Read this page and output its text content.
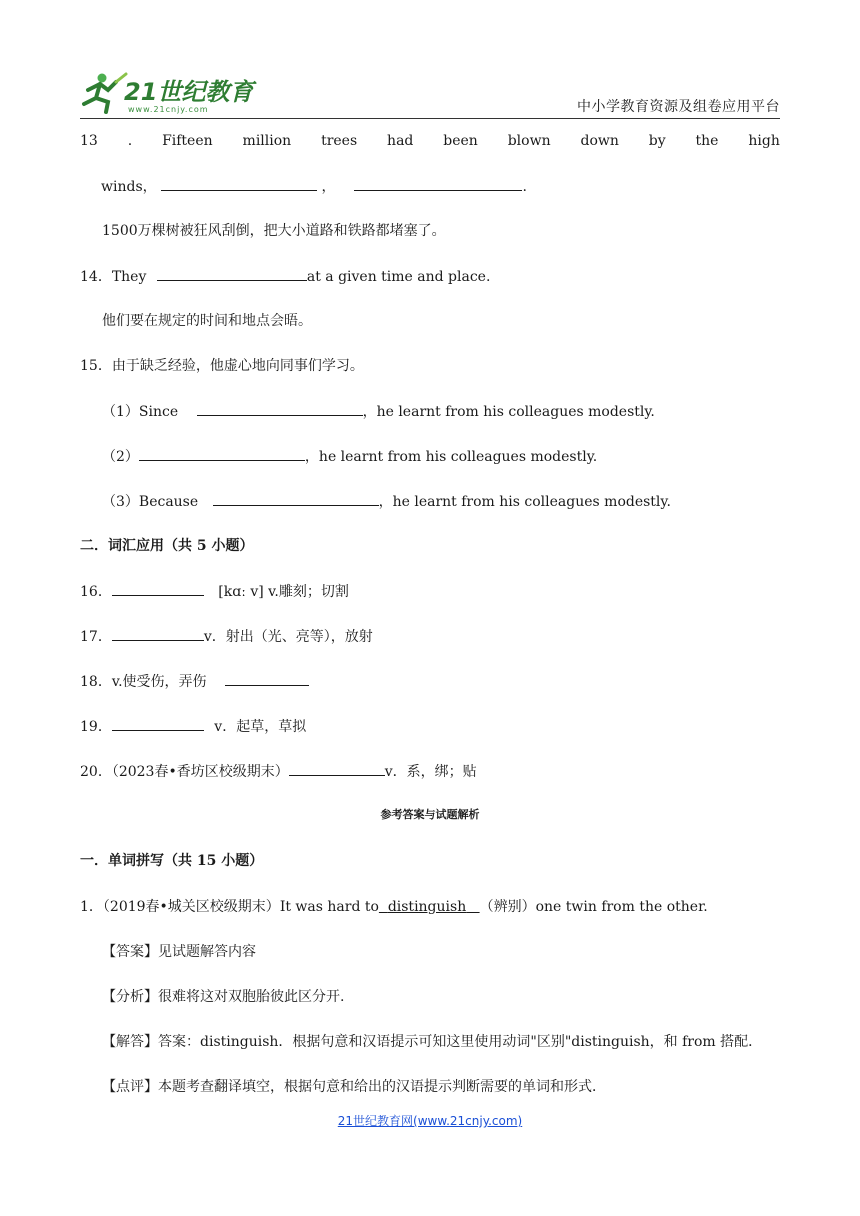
21世纪教育
www.21cnjy.com	中小学教育资源及组卷应用平台
13 . Fifteen million trees had been blown down by the high
winds，	，	.
1500万棵树被狂风刮倒，把大小道路和铁路都堵塞了。
14．They	at a given time and place.
他们要在规定的时间和地点会晤。
15．由于缺乏经验，他虚心地向同事们学习。
（1）Since	，he learnt from his colleagues modestly.
（2）	，he learnt from his colleagues modestly.
（3）Because	，he learnt from his colleagues modestly.
二．词汇应用（共 5 小题）
16．	[kɑː v] v.雕刻；切割
17．	v．射出（光、亮等），放射
18．v.使受伤，弄伤
19．	v．起草，草拟
20．（2023春•香坊区校级期末）	v．系，绑；贴
参考答案与试题解析
一．单词拼写（共 15 小题）
1．（2019春•城关区校级期末）It was hard to distinguish （辨别）one twin from the other.
【答案】见试题解答内容
【分析】很难将这对双胞胎彼此区分开.
【解答】答案：distinguish．根据句意和汉语提示可知这里使用动词"区别"distinguish，和 from 搭配．
【点评】本题考查翻译填空，根据句意和给出的汉语提示判断需要的单词和形式．
21世纪教育网(www.21cnjy.com)
